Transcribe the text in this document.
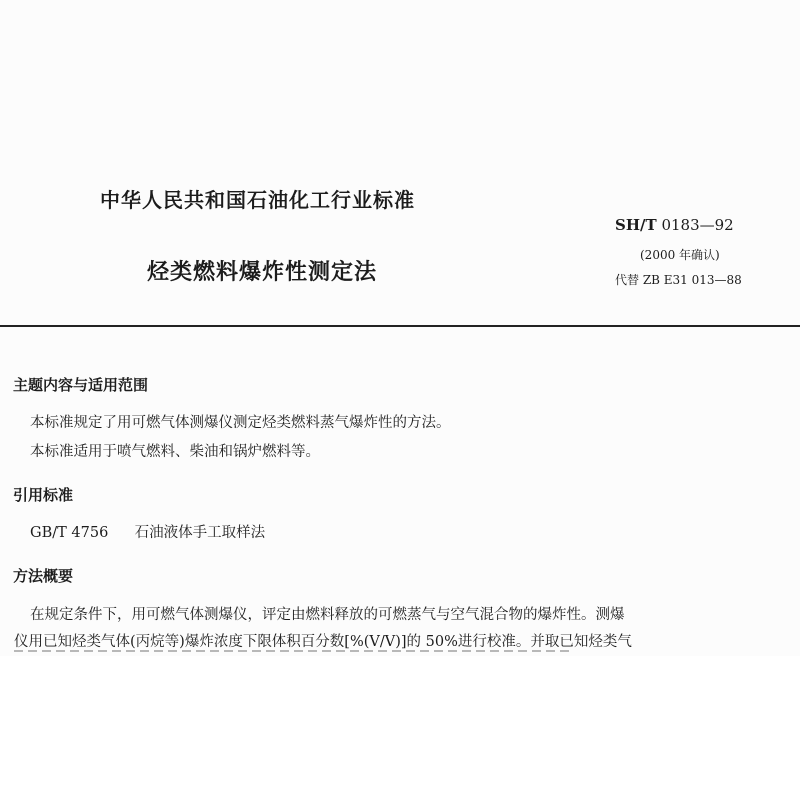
中华人民共和国石油化工行业标准
SH/T 0183—92
烃类燃料爆炸性测定法
(2000 年确认)
代替 ZB E31 013—88
主题内容与适用范围
本标准规定了用可燃气体测爆仪测定烃类燃料蒸气爆炸性的方法。
本标准适用于喷气燃料、柴油和锅炉燃料等。
引用标准
GB/T 4756 石油液体手工取样法
方法概要
在规定条件下，用可燃气体测爆仪，评定由燃料释放的可燃蒸气与空气混合物的爆炸性。测爆
仪用已知烃类气体(丙烷等)爆炸浓度下限体积百分数[%(V/V)]的 50%进行校准。并取已知烃类气
